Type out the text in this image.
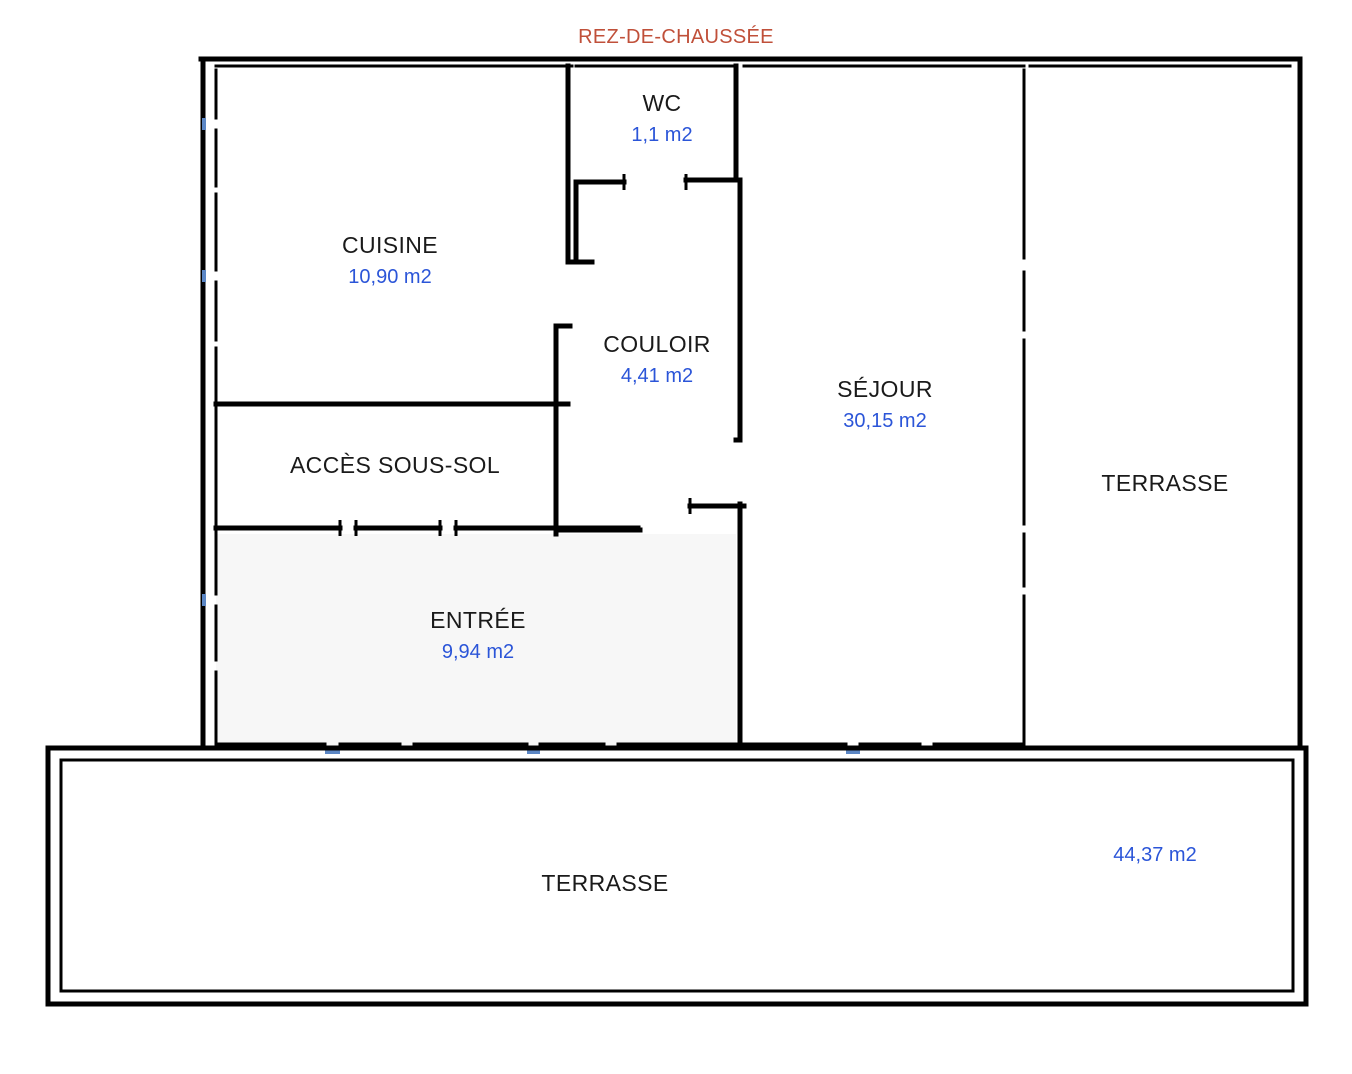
REZ-DE-CHAUSSÉE
WC
1,1 m2
CUISINE
10,90 m2
COULOIR
4,41 m2	SÉJOUR
30,15 m2
ACCÈS SOUS-SOL
TERRASSE
ENTRÉE
9,94 m2
TERRASSE
44,37 m2
